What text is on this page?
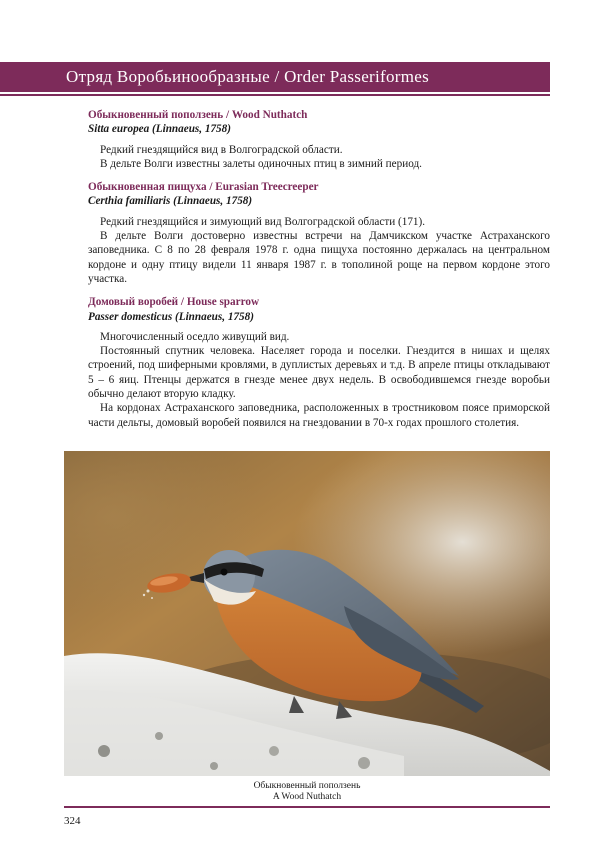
Отряд Воробьинообразные / Order Passeriformes

Обыкновенный поползень / Wood Nuthatch

Sitta europea (Linnaeus, 1758)

Редкий гнездящийся вид в Волгоградской области.

В дельте Волги известны залеты одиночных птиц в зимний период.

Обыкновенная пищуха / Eurasian Treecreeper

Certhia familiaris (Linnaeus, 1758)

Редкий гнездящийся и зимующий вид Волгоградской области (171).

В дельте Волги достоверно известны встречи на Дамчикском участке Астраханского заповедника. С 8 по 28 февраля 1978 г. одна пищуха постоянно держалась на центральном кордоне и одну птицу видели 11 января 1987 г. в тополиной роще на первом кордоне этого участка.

Домовый воробей / House sparrow

Passer domesticus (Linnaeus, 1758)

Многочисленный оседло живущий вид.

Постоянный спутник человека. Населяет города и поселки. Гнездится в нишах и щелях строений, под шиферными кровлями, в дуплистых деревьях и т.д. В апреле птицы откладывают 5 – 6 яиц. Птенцы держатся в гнезде менее двух недель. В освободившемся гнезде воробьи обычно делают вторую кладку.

На кордонах Астраханского заповедника, расположенных в тростниковом поясе приморской части дельты, домовый воробей появился на гнездовании в 70-х годах прошлого столетия.

Обыкновенный поползень
A Wood Nuthatch
324
